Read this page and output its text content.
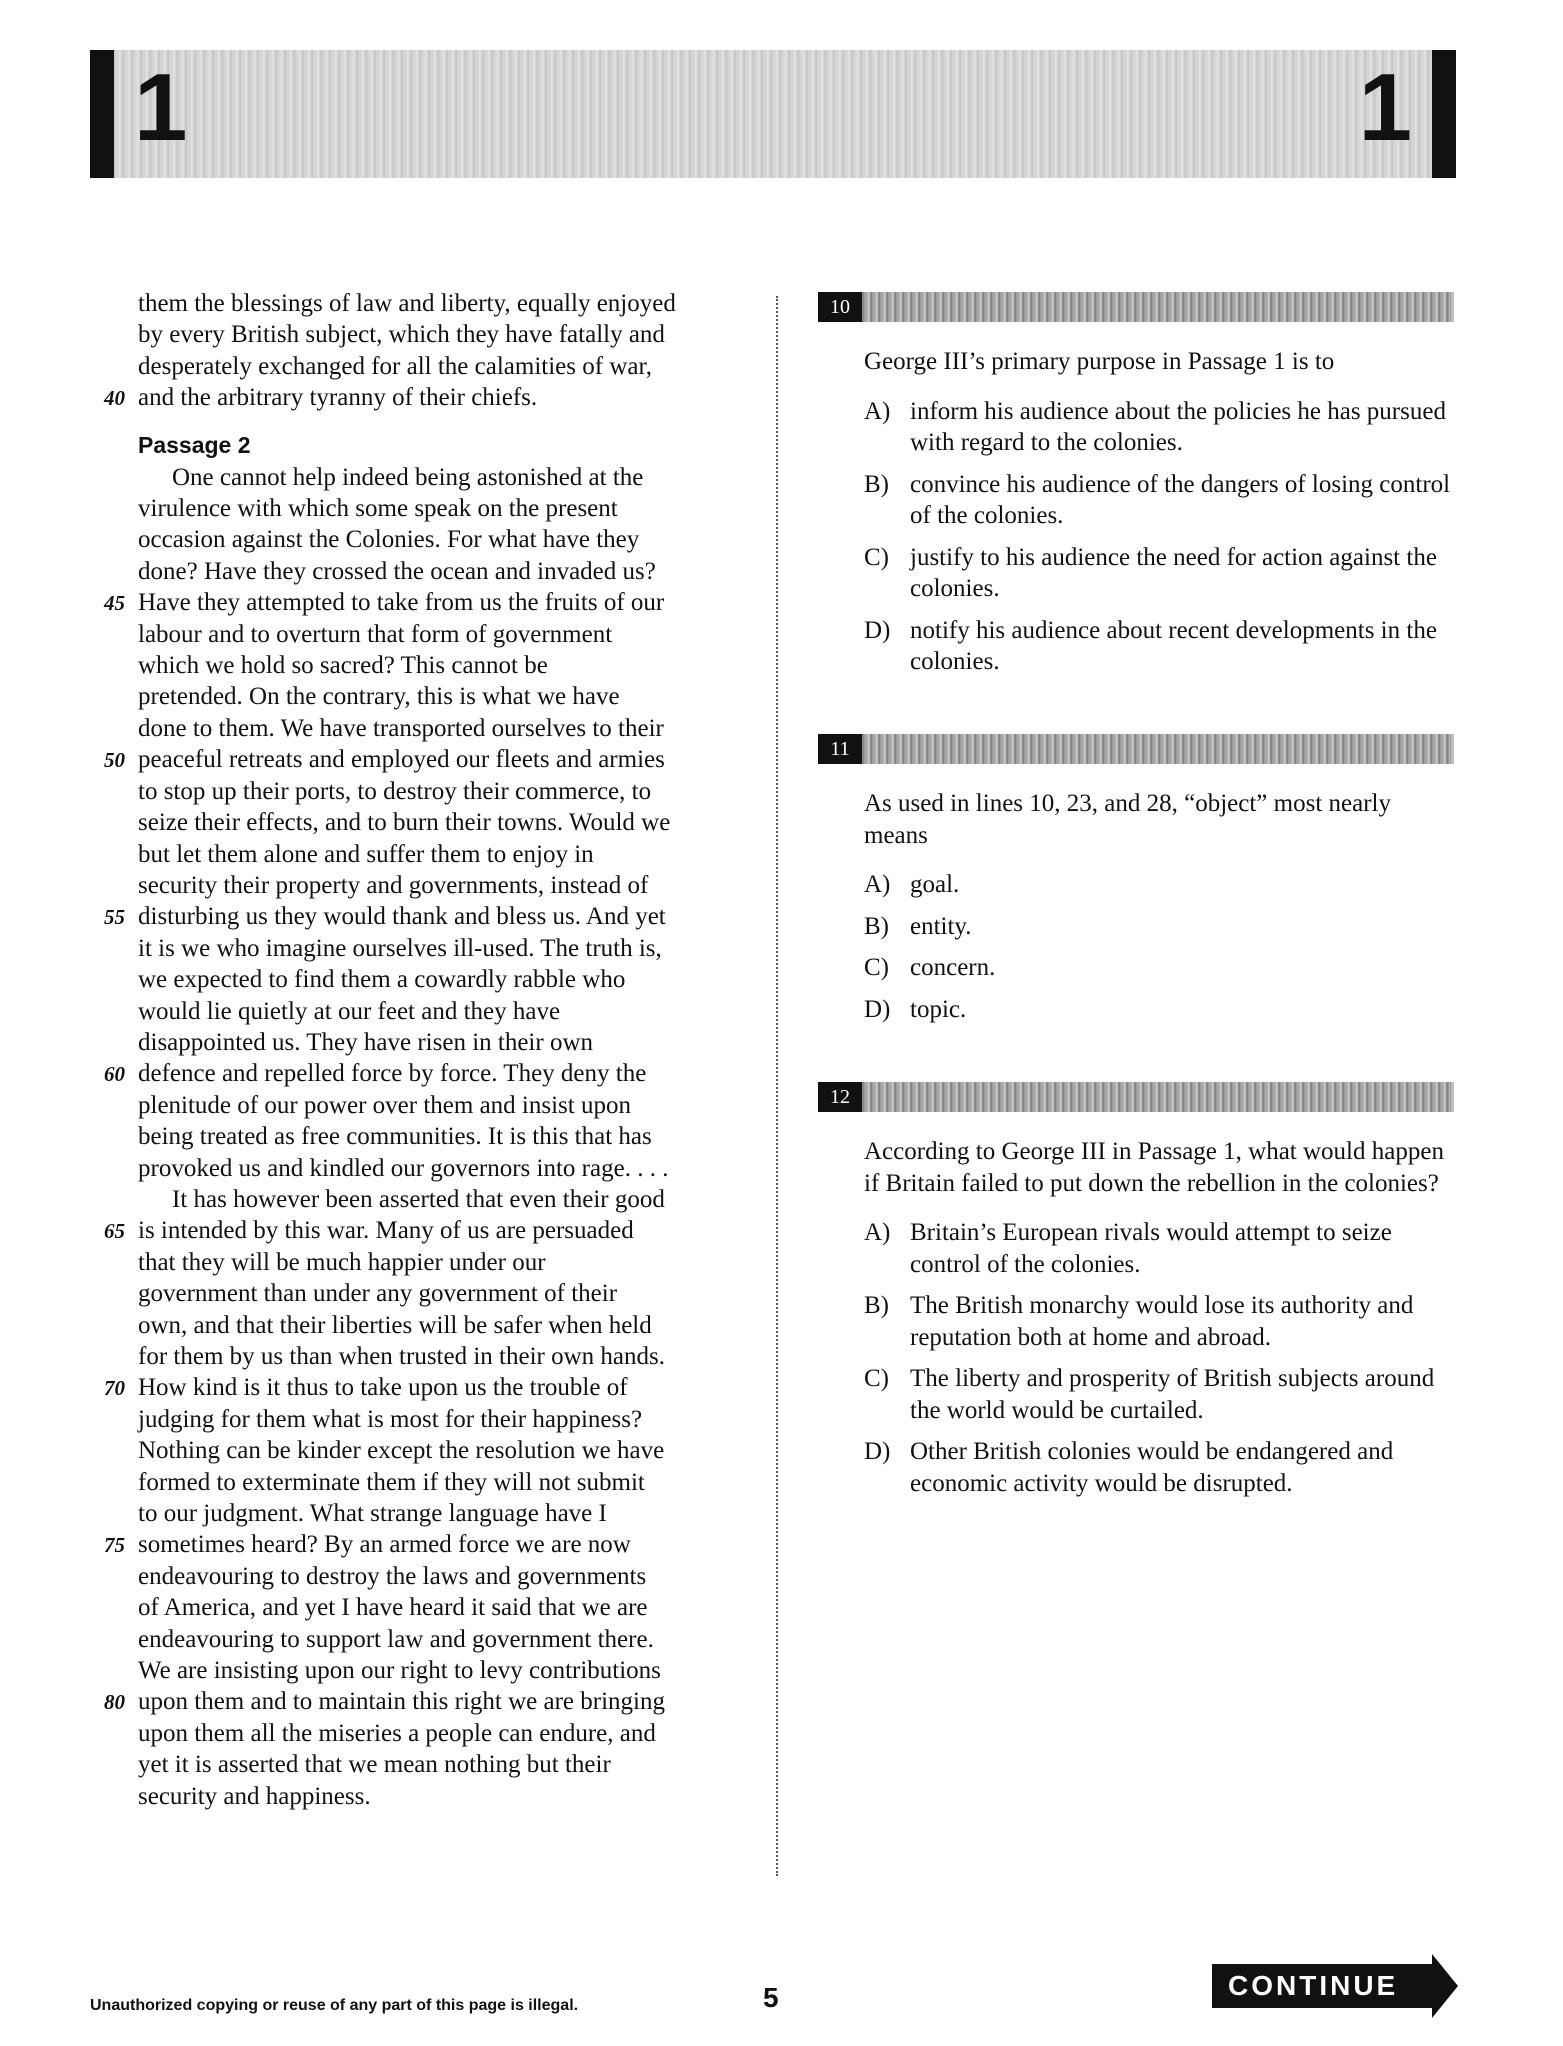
1	1
them the blessings of law and liberty, equally enjoyed
by every British subject, which they have fatally and
desperately exchanged for all the calamities of war,
40 and the arbitrary tyranny of their chiefs.
Passage 2
One cannot help indeed being astonished at the
virulence with which some speak on the present
occasion against the Colonies. For what have they
done? Have they crossed the ocean and invaded us?
45 Have they attempted to take from us the fruits of our
labour and to overturn that form of government
which we hold so sacred? This cannot be
pretended. On the contrary, this is what we have
done to them. We have transported ourselves to their
50 peaceful retreats and employed our fleets and armies
to stop up their ports, to destroy their commerce, to
seize their effects, and to burn their towns. Would we
but let them alone and suffer them to enjoy in
security their property and governments, instead of
55 disturbing us they would thank and bless us. And yet
it is we who imagine ourselves ill-used. The truth is,
we expected to find them a cowardly rabble who
would lie quietly at our feet and they have
disappointed us. They have risen in their own
60 defence and repelled force by force. They deny the
plenitude of our power over them and insist upon
being treated as free communities. It is this that has
provoked us and kindled our governors into rage. . . .
It has however been asserted that even their good
65 is intended by this war. Many of us are persuaded
that they will be much happier under our
government than under any government of their
own, and that their liberties will be safer when held
for them by us than when trusted in their own hands.
70 How kind is it thus to take upon us the trouble of
judging for them what is most for their happiness?
Nothing can be kinder except the resolution we have
formed to exterminate them if they will not submit
to our judgment. What strange language have I
75 sometimes heard? By an armed force we are now
endeavouring to destroy the laws and governments
of America, and yet I have heard it said that we are
endeavouring to support law and government there.
We are insisting upon our right to levy contributions
80 upon them and to maintain this right we are bringing
upon them all the miseries a people can endure, and
yet it is asserted that we mean nothing but their
security and happiness.
10
George III’s primary purpose in Passage 1 is to
A) inform his audience about the policies he has pursued with regard to the colonies.
B) convince his audience of the dangers of losing control of the colonies.
C) justify to his audience the need for action against the colonies.
D) notify his audience about recent developments in the colonies.
11
As used in lines 10, 23, and 28, “object” most nearly means
A) goal.
B) entity.
C) concern.
D) topic.
12
According to George III in Passage 1, what would happen if Britain failed to put down the rebellion in the colonies?
A) Britain’s European rivals would attempt to seize control of the colonies.
B) The British monarchy would lose its authority and reputation both at home and abroad.
C) The liberty and prosperity of British subjects around the world would be curtailed.
D) Other British colonies would be endangered and economic activity would be disrupted.
Unauthorized copying or reuse of any part of this page is illegal.	5	CONTINUE
